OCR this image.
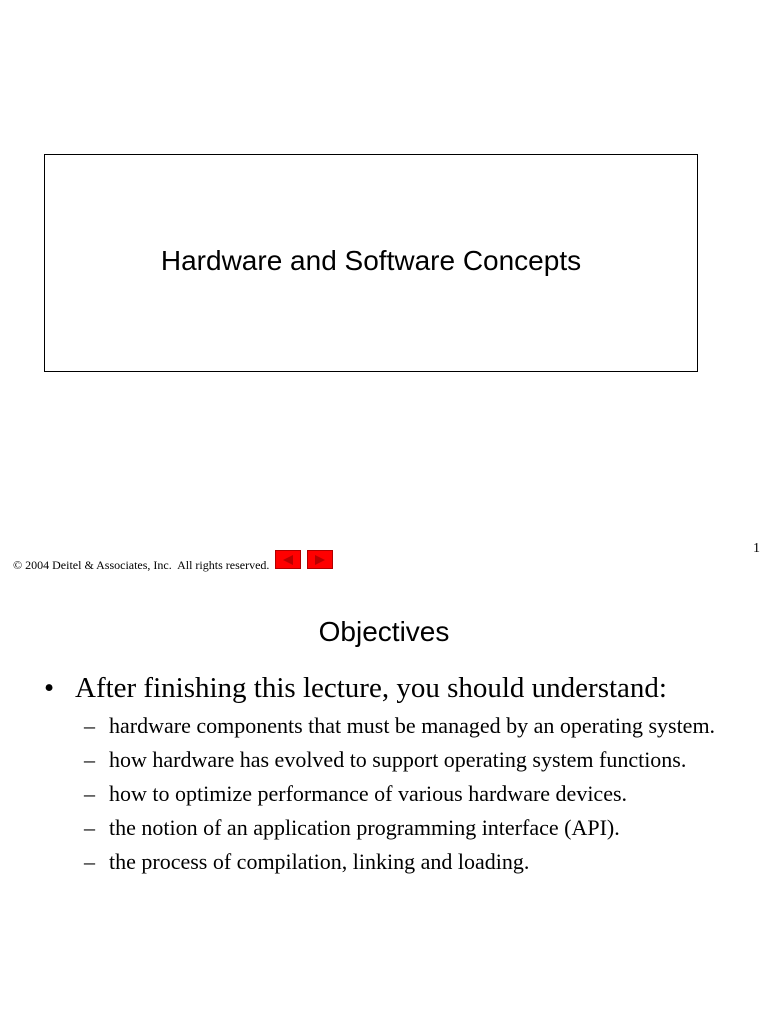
Hardware and Software Concepts
1
© 2004 Deitel & Associates, Inc.  All rights reserved.
Objectives
• After finishing this lecture, you should understand:
– hardware components that must be managed by an operating system.
– how hardware has evolved to support operating system functions.
– how to optimize performance of various hardware devices.
– the notion of an application programming interface (API).
– the process of compilation, linking and loading.
